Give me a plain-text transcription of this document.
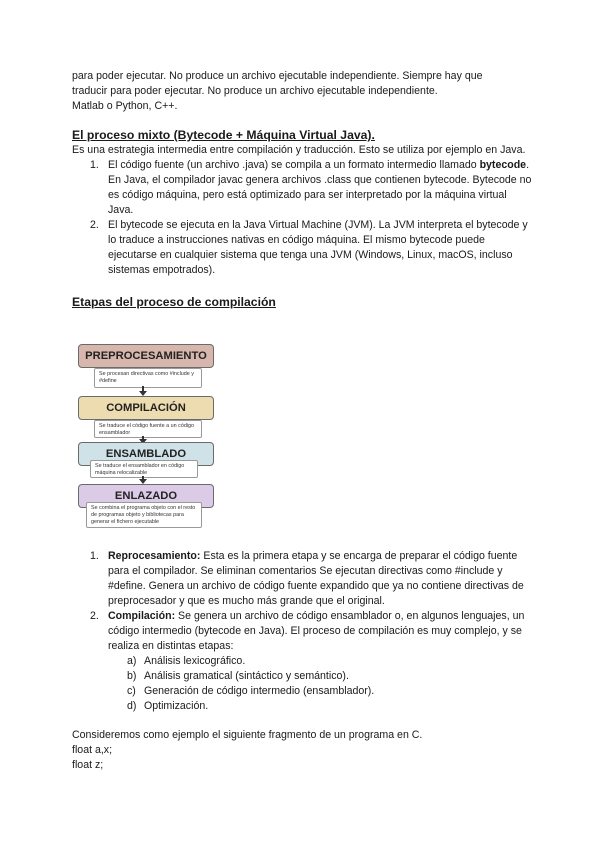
para poder ejecutar. No produce un archivo ejecutable independiente. Siempre hay que

traducir para poder ejecutar. No produce un archivo ejecutable independiente.

Matlab o Python, C++.

El proceso mixto (Bytecode + Máquina Virtual Java).

Es una estrategia intermedia entre compilación y traducción. Esto se utiliza por ejemplo en Java.

1. El código fuente (un archivo .java) se compila a un formato intermedio llamado bytecode. En Java, el compilador javac genera archivos .class que contienen bytecode. Bytecode no es código máquina, pero está optimizado para ser interpretado por la máquina virtual Java.
2. El bytecode se ejecuta en la Java Virtual Machine (JVM). La JVM interpreta el bytecode y lo traduce a instrucciones nativas en código máquina. El mismo bytecode puede ejecutarse en cualquier sistema que tenga una JVM (Windows, Linux, macOS, incluso sistemas empotrados).

Etapas del proceso de compilación

PREPROCESAMIENTO
Se procesan directivas como #include y #define
COMPILACIÓN
Se traduce el código fuente a un código ensamblador
ENSAMBLADO
Se traduce el ensamblador en código máquina relocalizable
ENLAZADO
Se combina el programa objeto con el resto de programas objeto y bibliotecas para generar el fichero ejecutable
1. Reprocesamiento: Esta es la primera etapa y se encarga de preparar el código fuente para el compilador. Se eliminan comentarios Se ejecutan directivas como #include y #define. Genera un archivo de código fuente expandido que ya no contiene directivas de preprocesador y que es mucho más grande que el original.
2. Compilación: Se genera un archivo de código ensamblador o, en algunos lenguajes, un código intermedio (bytecode en Java). El proceso de compilación es muy complejo, y se realiza en distintas etapas:
a) Análisis lexicográfico.
b) Análisis gramatical (sintáctico y semántico).
c) Generación de código intermedio (ensamblador).
d) Optimización.

Consideremos como ejemplo el siguiente fragmento de un programa en C.

float a,x;

float z;
